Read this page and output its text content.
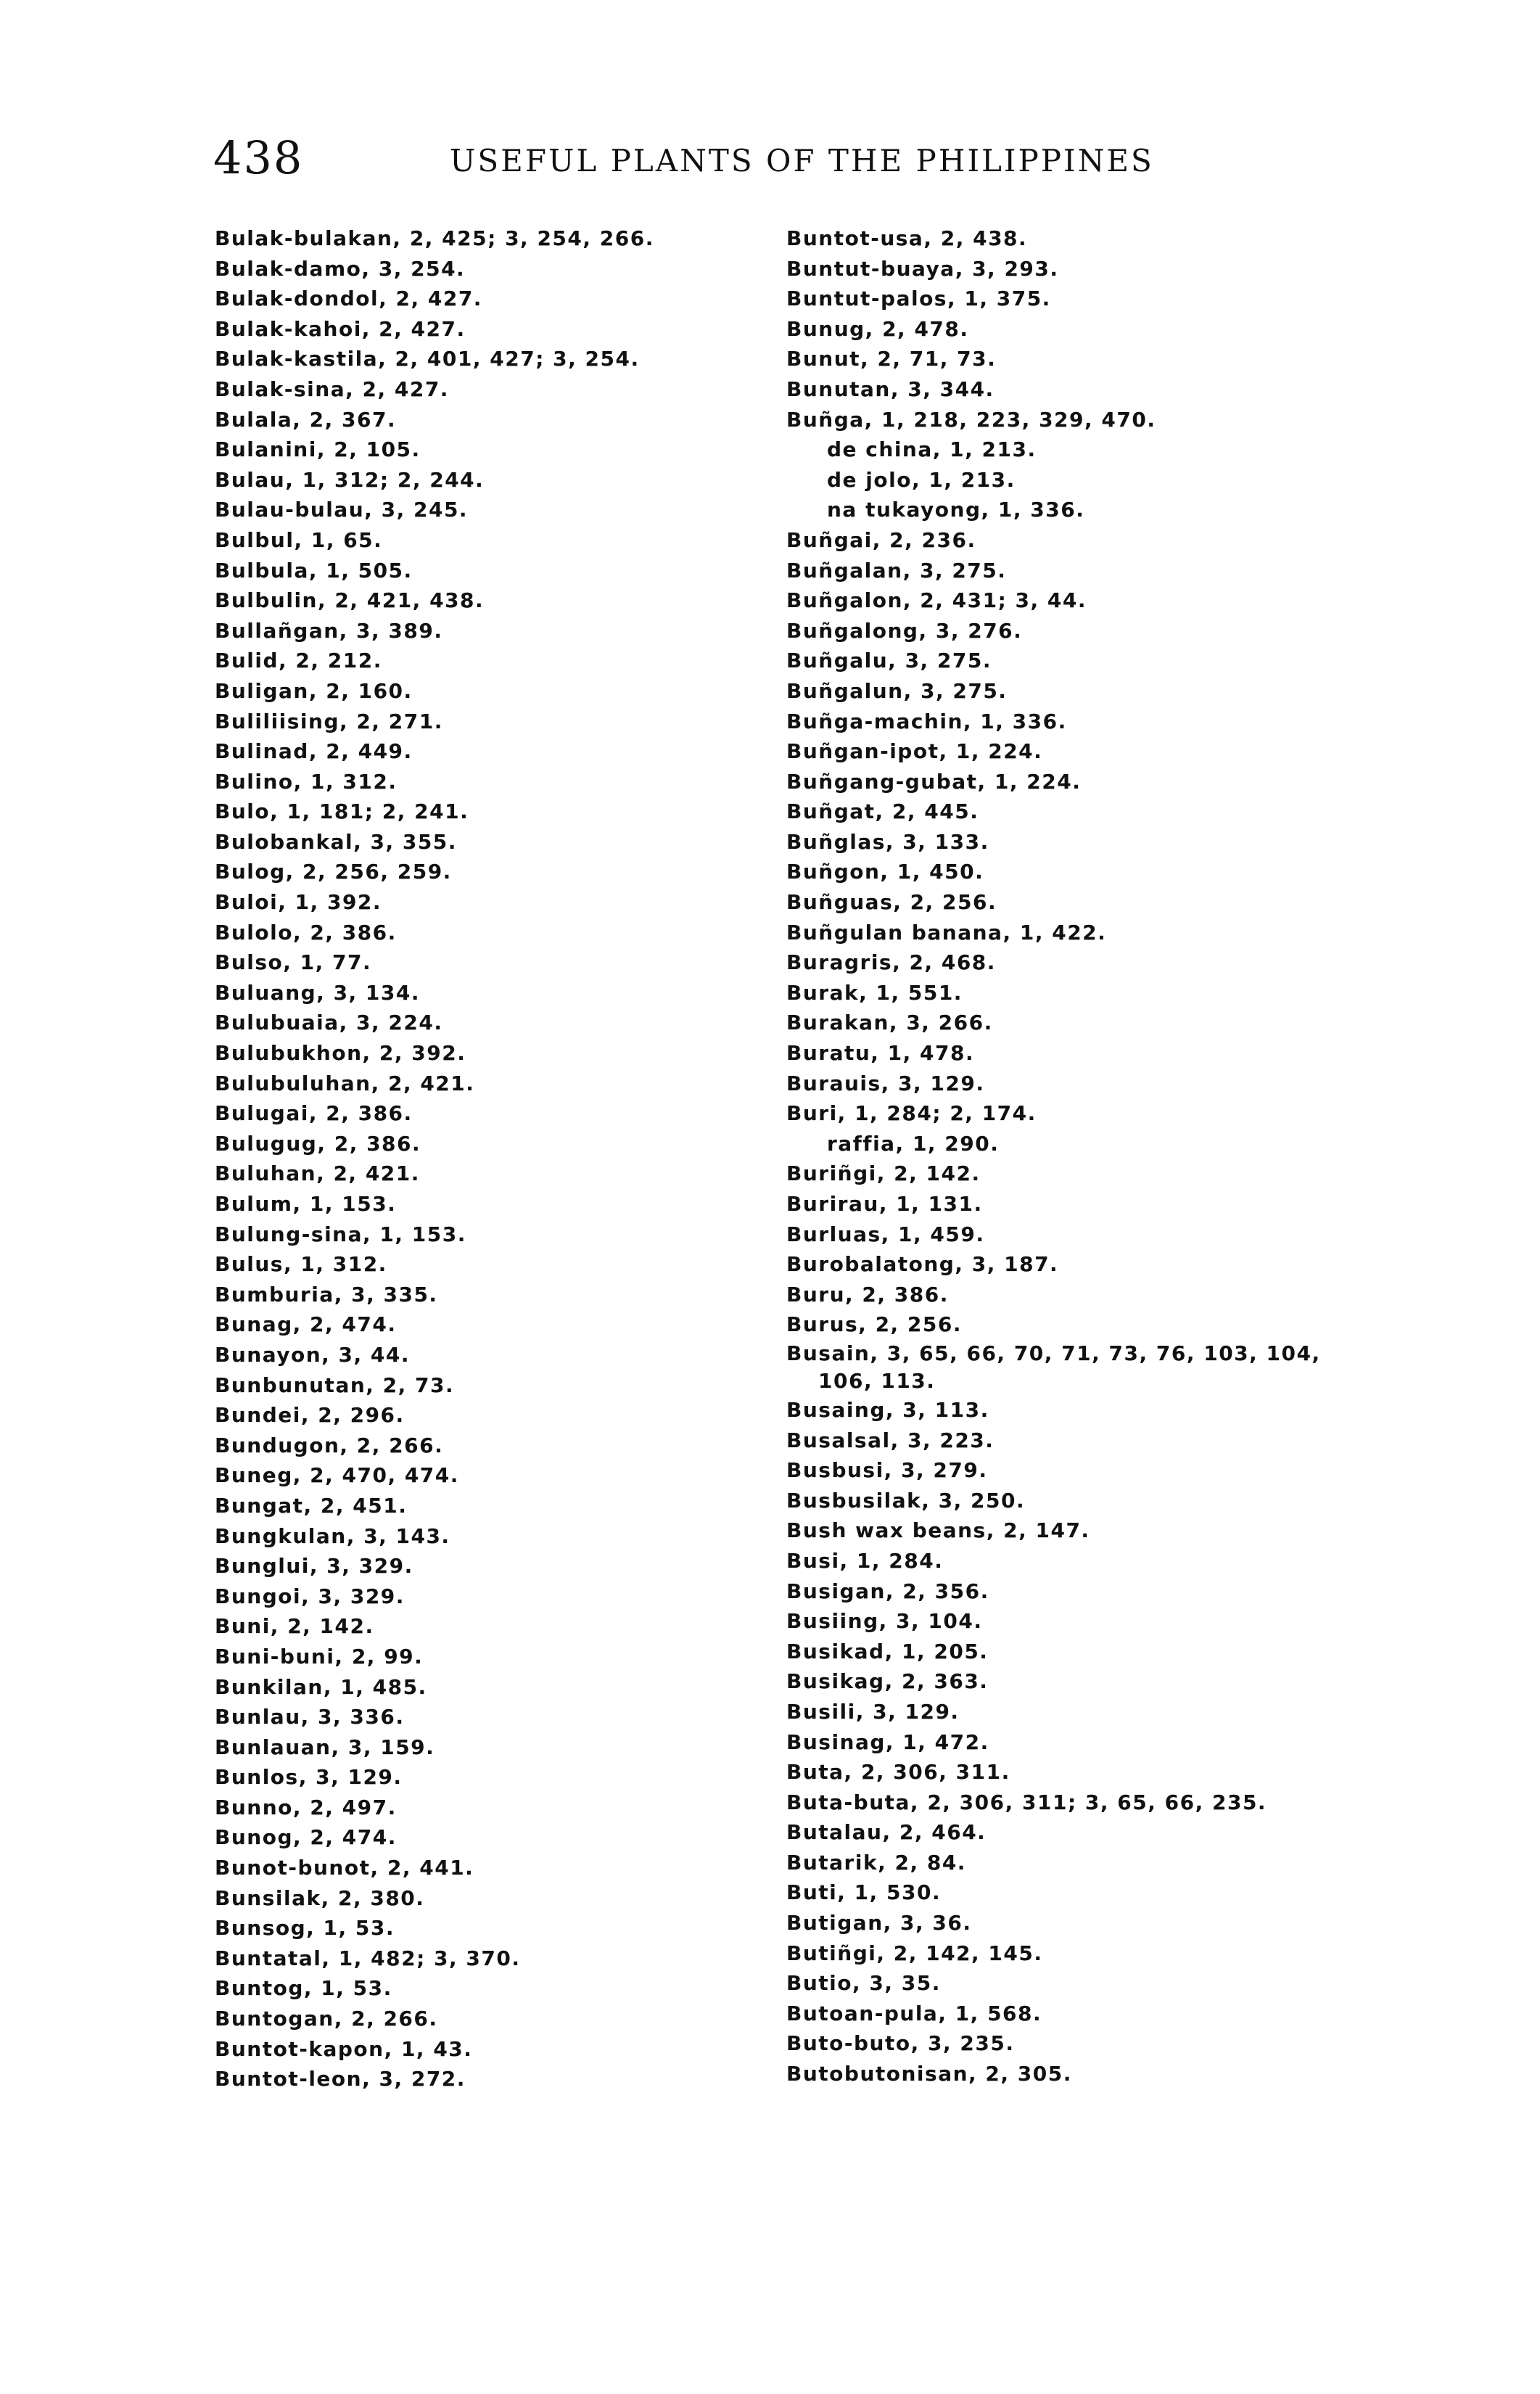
438	USEFUL PLANTS OF THE PHILIPPINES
Bulak-bulakan, 2, 425; 3, 254, 266.
Bulak-damo, 3, 254.
Bulak-dondol, 2, 427.
Bulak-kahoi, 2, 427.
Bulak-kastila, 2, 401, 427; 3, 254.
Bulak-sina, 2, 427.
Bulala, 2, 367.
Bulanini, 2, 105.
Bulau, 1, 312; 2, 244.
Bulau-bulau, 3, 245.
Bulbul, 1, 65.
Bulbula, 1, 505.
Bulbulin, 2, 421, 438.
Bullañgan, 3, 389.
Bulid, 2, 212.
Buligan, 2, 160.
Buliliising, 2, 271.
Bulinad, 2, 449.
Bulino, 1, 312.
Bulo, 1, 181; 2, 241.
Bulobankal, 3, 355.
Bulog, 2, 256, 259.
Buloi, 1, 392.
Bulolo, 2, 386.
Bulso, 1, 77.
Buluang, 3, 134.
Bulubuaia, 3, 224.
Bulubukhon, 2, 392.
Bulubuluhan, 2, 421.
Bulugai, 2, 386.
Bulugug, 2, 386.
Buluhan, 2, 421.
Bulum, 1, 153.
Bulung-sina, 1, 153.
Bulus, 1, 312.
Bumburia, 3, 335.
Bunag, 2, 474.
Bunayon, 3, 44.
Bunbunutan, 2, 73.
Bundei, 2, 296.
Bundugon, 2, 266.
Buneg, 2, 470, 474.
Bungat, 2, 451.
Bungkulan, 3, 143.
Bunglui, 3, 329.
Bungoi, 3, 329.
Buni, 2, 142.
Buni-buni, 2, 99.
Bunkilan, 1, 485.
Bunlau, 3, 336.
Bunlauan, 3, 159.
Bunlos, 3, 129.
Bunno, 2, 497.
Bunog, 2, 474.
Bunot-bunot, 2, 441.
Bunsilak, 2, 380.
Bunsog, 1, 53.
Buntatal, 1, 482; 3, 370.
Buntog, 1, 53.
Buntogan, 2, 266.
Buntot-kapon, 1, 43.
Buntot-leon, 3, 272.
Buntot-usa, 2, 438.
Buntut-buaya, 3, 293.
Buntut-palos, 1, 375.
Bunug, 2, 478.
Bunut, 2, 71, 73.
Bunutan, 3, 344.
Buñga, 1, 218, 223, 329, 470.
de china, 1, 213.
de jolo, 1, 213.
na tukayong, 1, 336.
Buñgai, 2, 236.
Buñgalan, 3, 275.
Buñgalon, 2, 431; 3, 44.
Buñgalong, 3, 276.
Buñgalu, 3, 275.
Buñgalun, 3, 275.
Buñga-machin, 1, 336.
Buñgan-ipot, 1, 224.
Buñgang-gubat, 1, 224.
Buñgat, 2, 445.
Buñglas, 3, 133.
Buñgon, 1, 450.
Buñguas, 2, 256.
Buñgulan banana, 1, 422.
Buragris, 2, 468.
Burak, 1, 551.
Burakan, 3, 266.
Buratu, 1, 478.
Burauis, 3, 129.
Buri, 1, 284; 2, 174.
raffia, 1, 290.
Buriñgi, 2, 142.
Burirau, 1, 131.
Burluas, 1, 459.
Burobalatong, 3, 187.
Buru, 2, 386.
Burus, 2, 256.
Busain, 3, 65, 66, 70, 71, 73, 76, 103, 104, 106, 113.
Busaing, 3, 113.
Busalsal, 3, 223.
Busbusi, 3, 279.
Busbusilak, 3, 250.
Bush wax beans, 2, 147.
Busi, 1, 284.
Busigan, 2, 356.
Busiing, 3, 104.
Busikad, 1, 205.
Busikag, 2, 363.
Busili, 3, 129.
Businag, 1, 472.
Buta, 2, 306, 311.
Buta-buta, 2, 306, 311; 3, 65, 66, 235.
Butalau, 2, 464.
Butarik, 2, 84.
Buti, 1, 530.
Butigan, 3, 36.
Butiñgi, 2, 142, 145.
Butio, 3, 35.
Butoan-pula, 1, 568.
Buto-buto, 3, 235.
Butobutonisan, 2, 305.
